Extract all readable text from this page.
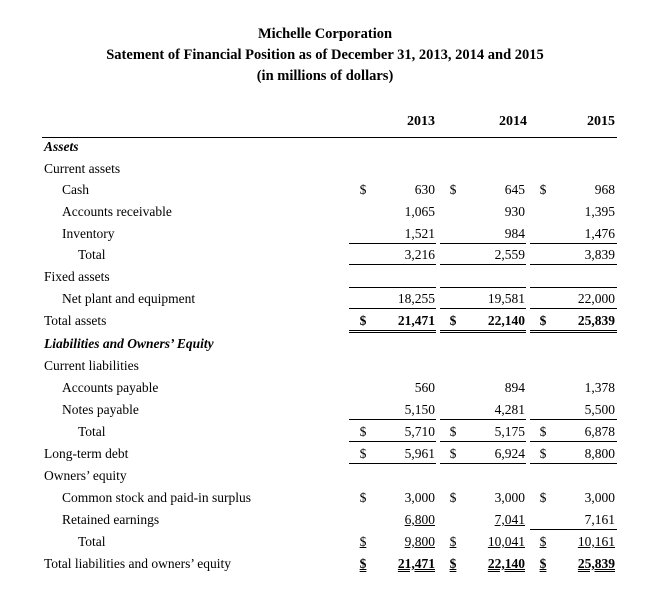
Michelle Corporation
Satement of Financial Position as of December 31, 2013, 2014 and 2015
(in millions of dollars)
2013	2014	2015
Assets
Current assets
Cash	$	630 $	645 $	968
Accounts receivable	1,065	930	1,395
Inventory	1,521	984	1,476
Total	3,216	2,559	3,839
Fixed assets
Net plant and equipment	18,255	19,581	22,000
Total assets	$	21,471 $	22,140 $	25,839
Liabilities and Owners’ Equity
Current liabilities
Accounts payable	560	894	1,378
Notes payable	5,150	4,281	5,500
Total	$	5,710 $	5,175 $	6,878
Long-term debt	$	5,961 $	6,924 $	8,800
Owners’ equity
Common stock and paid-in surplus	$	3,000 $	3,000 $	3,000
Retained earnings	6,800	7,041	7,161
Total	$	9,800 $	10,041 $	10,161
Total liabilities and owners’ equity	$	21,471 $	22,140 $	25,839
